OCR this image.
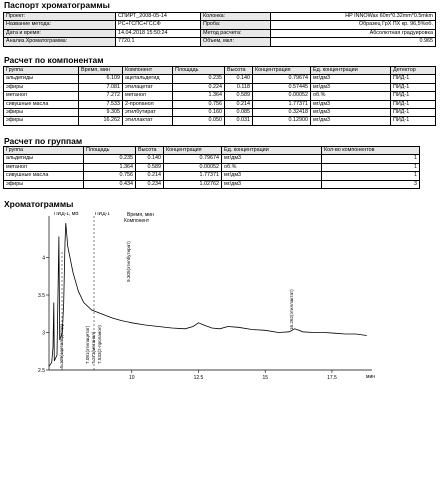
Паспорт хроматограммы
Проект:	СПИРТ_2008-05-14	Колонка:	HP INNOWax 60m*0.32mm*0.5mkm
Название метода:	PC+ГСПС+ГССФ	Проба:	Образец ГрХ ПХ кр. 96,5%об.
Дата и время:	14.04.2018 15:50:24	Метод расчета:	Абсолютная градуировка
Анализ.Хроматограмма:	7720.1	Объем, мкл:	0.965
Расчет по компонентам
Группа	Время, мин	Компонент	Площадь	Высота	Концентрация	Ед. концентрации	Детектор
альдегиды	6.109	ацетальдегид	0.235	0.140	0.79674	мг/дм3	ПИД-1
эфиры	7.081	этилацетат	0.224	0.118	0.57445	мг/дм3	ПИД-1
метанол	7.272	метанол	1.364	0.589	0.00052	об.%	ПИД-1
сивушные масла	7.533	2-пропанол	0.756	0.214	1.77371	мг/дм3	ПИД-1
эфиры	9.305	этилбутират	0.160	0.085	0.32418	мг/дм3	ПИД-1
эфиры	16.262	этиллактат	0.050	0.031	0.12900	мг/дм3	ПИД-1
Расчет по группам
Группа	Площадь	Высота	Концентрация	Ед. концентрации	Кол-во компонентов
альдегиды	0.235	0.140	0.79674	мг/дм3	1
метанол	1.364	0.589	0.00052	об.%	1
сивушные масла	0.756	0.214	1.77371	мг/дм3	1
эфиры	0.434	0.234	1.02762	мг/дм3	3
Хроматограммы
ПИД-1, мВ	ПИД-1
мин
Время, мин
Компонент
4
3.5
3
2.5
10	12.5	15	17.5
5.109(ацетальдегид)	7.081(этилацетат) 7.272(метанол) 7.533(2-пропанол)
9.305(этилбутират)
16.262(этиллактат)
